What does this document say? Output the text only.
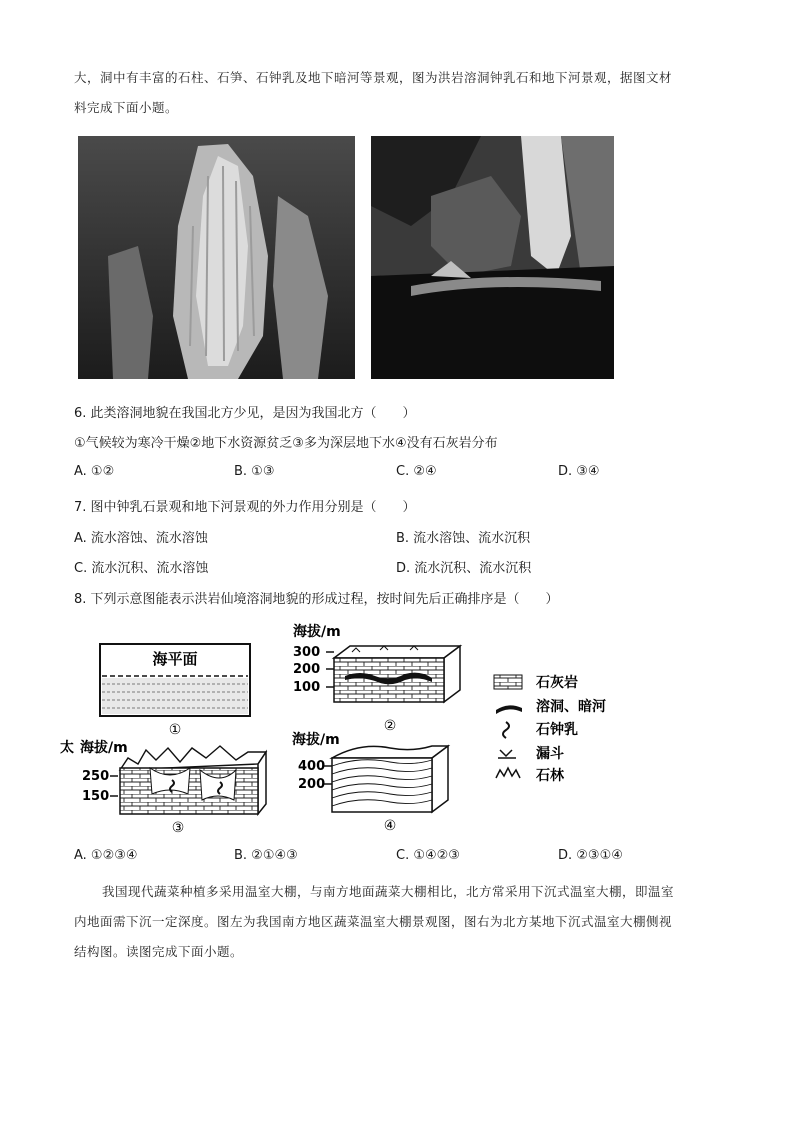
大，洞中有丰富的石柱、石笋、石钟乳及地下暗河等景观，图为洪岩溶洞钟乳石和地下河景观，据图文材
料完成下面小题。
6. 此类溶洞地貌在我国北方少见，是因为我国北方（　　）
①气候较为寒冷干燥②地下水资源贫乏③多为深层地下水④没有石灰岩分布
A. ①②	B. ①③	C. ②④	D. ③④
7. 图中钟乳石景观和地下河景观的外力作用分别是（　　）
A. 流水溶蚀、流水溶蚀	B. 流水溶蚀、流水沉积
C. 流水沉积、流水溶蚀	D. 流水沉积、流水沉积
8. 下列示意图能表示洪岩仙境溶洞地貌的形成过程，按时间先后正确排序是（　　）
海平面
①
海拔/m
300
200
100
②
石灰岩
溶洞、暗河
石钟乳
漏斗
石林
太 海拔/m
250
150
③
海拔/m
400
200
④
A. ①②③④	B. ②①④③	C. ①④②③	D. ②③①④
我国现代蔬菜种植多采用温室大棚，与南方地面蔬菜大棚相比，北方常采用下沉式温室大棚，即温室
内地面需下沉一定深度。图左为我国南方地区蔬菜温室大棚景观图，图右为北方某地下沉式温室大棚侧视
结构图。读图完成下面小题。
